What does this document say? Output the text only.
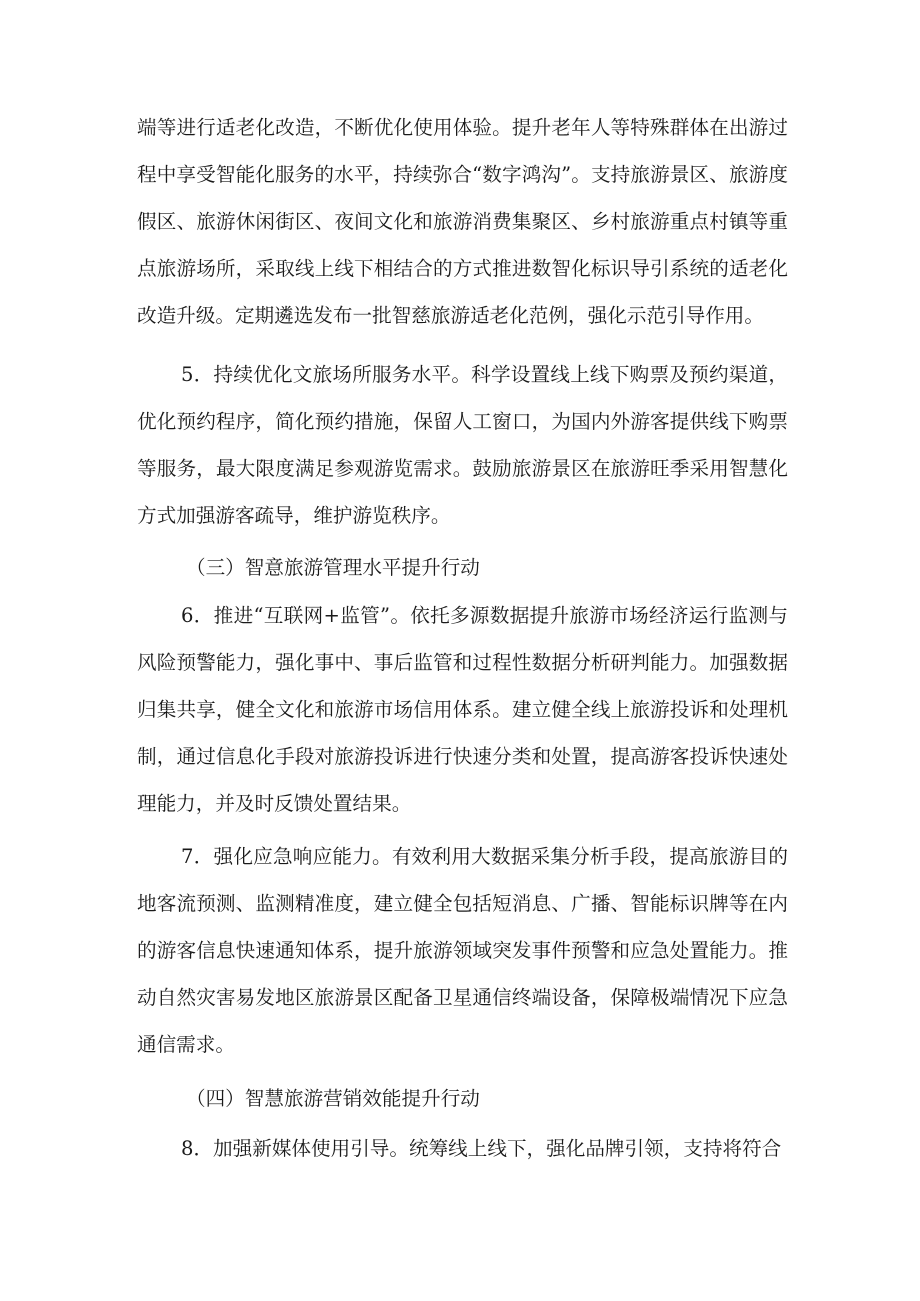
端等进行适老化改造，不断优化使用体验。提升老年人等特殊群体在出游过程中享受智能化服务的水平，持续弥合“数字鸿沟”。支持旅游景区、旅游度假区、旅游休闲街区、夜间文化和旅游消费集聚区、乡村旅游重点村镇等重点旅游场所，采取线上线下相结合的方式推进数智化标识导引系统的适老化改造升级。定期遴选发布一批智慈旅游适老化范例，强化示范引导作用。

5．持续优化文旅场所服务水平。科学设置线上线下购票及预约渠道，优化预约程序，简化预约措施，保留人工窗口，为国内外游客提供线下购票等服务，最大限度满足参观游览需求。鼓励旅游景区在旅游旺季采用智慧化方式加强游客疏导，维护游览秩序。

（三）智意旅游管理水平提升行动

6．推进“互联网+监管”。依托多源数据提升旅游市场经济运行监测与风险预警能力，强化事中、事后监管和过程性数据分析研判能力。加强数据归集共享，健全文化和旅游市场信用体系。建立健全线上旅游投诉和处理机制，通过信息化手段对旅游投诉进行快速分类和处置，提高游客投诉快速处理能力，并及时反馈处置结果。

7．强化应急响应能力。有效利用大数据采集分析手段，提高旅游目的地客流预测、监测精准度，建立健全包括短消息、广播、智能标识牌等在内的游客信息快速通知体系，提升旅游领域突发事件预警和应急处置能力。推动自然灾害易发地区旅游景区配备卫星通信终端设备，保障极端情况下应急通信需求。

（四）智慧旅游营销效能提升行动

8．加强新媒体使用引导。统筹线上线下，强化品牌引领，支持将符合
